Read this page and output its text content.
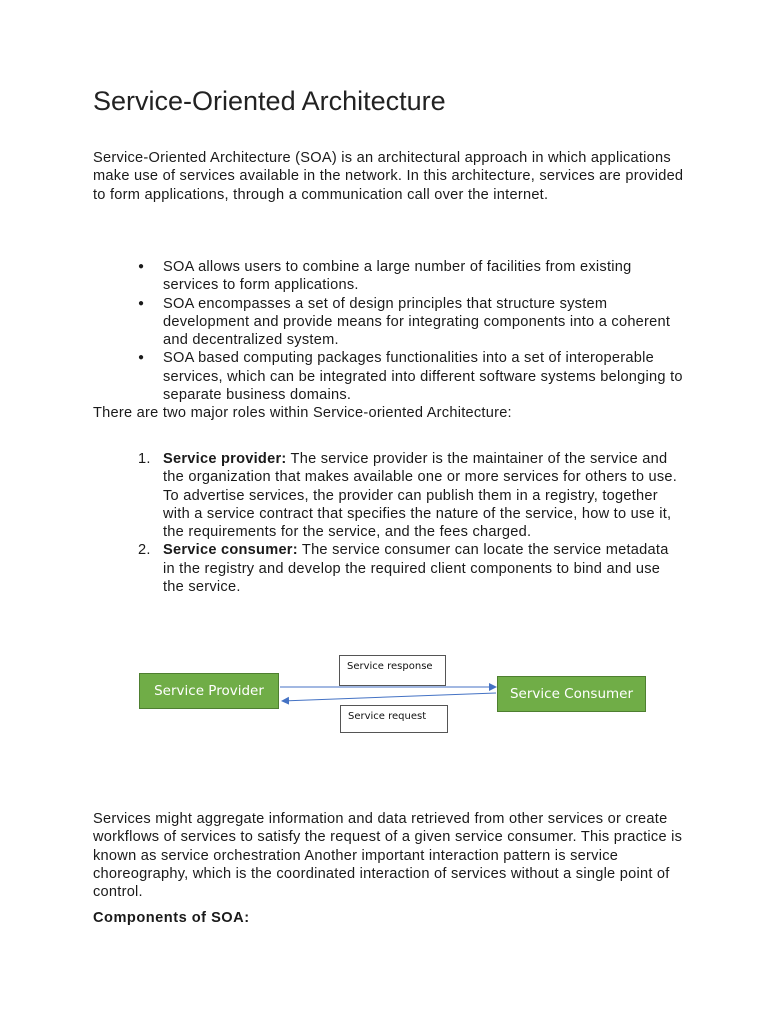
Service-Oriented Architecture

Service-Oriented Architecture (SOA) is an architectural approach in which applications make use of services available in the network. In this architecture, services are provided to form applications, through a communication call over the internet.

● SOA allows users to combine a large number of facilities from existing services to form applications.
● SOA encompasses a set of design principles that structure system development and provide means for integrating components into a coherent and decentralized system.
● SOA based computing packages functionalities into a set of interoperable services, which can be integrated into different software systems belonging to separate business domains.

There are two major roles within Service-oriented Architecture:

1. Service provider: The service provider is the maintainer of the service and the organization that makes available one or more services for others to use. To advertise services, the provider can publish them in a registry, together with a service contract that specifies the nature of the service, how to use it, the requirements for the service, and the fees charged.
2. Service consumer: The service consumer can locate the service metadata in the registry and develop the required client components to bind and use the service.
Service Provider	Service Consumer
Service response
Service request

Services might aggregate information and data retrieved from other services or create workflows of services to satisfy the request of a given service consumer. This practice is known as service orchestration Another important interaction pattern is service choreography, which is the coordinated interaction of services without a single point of control.

Components of SOA:
